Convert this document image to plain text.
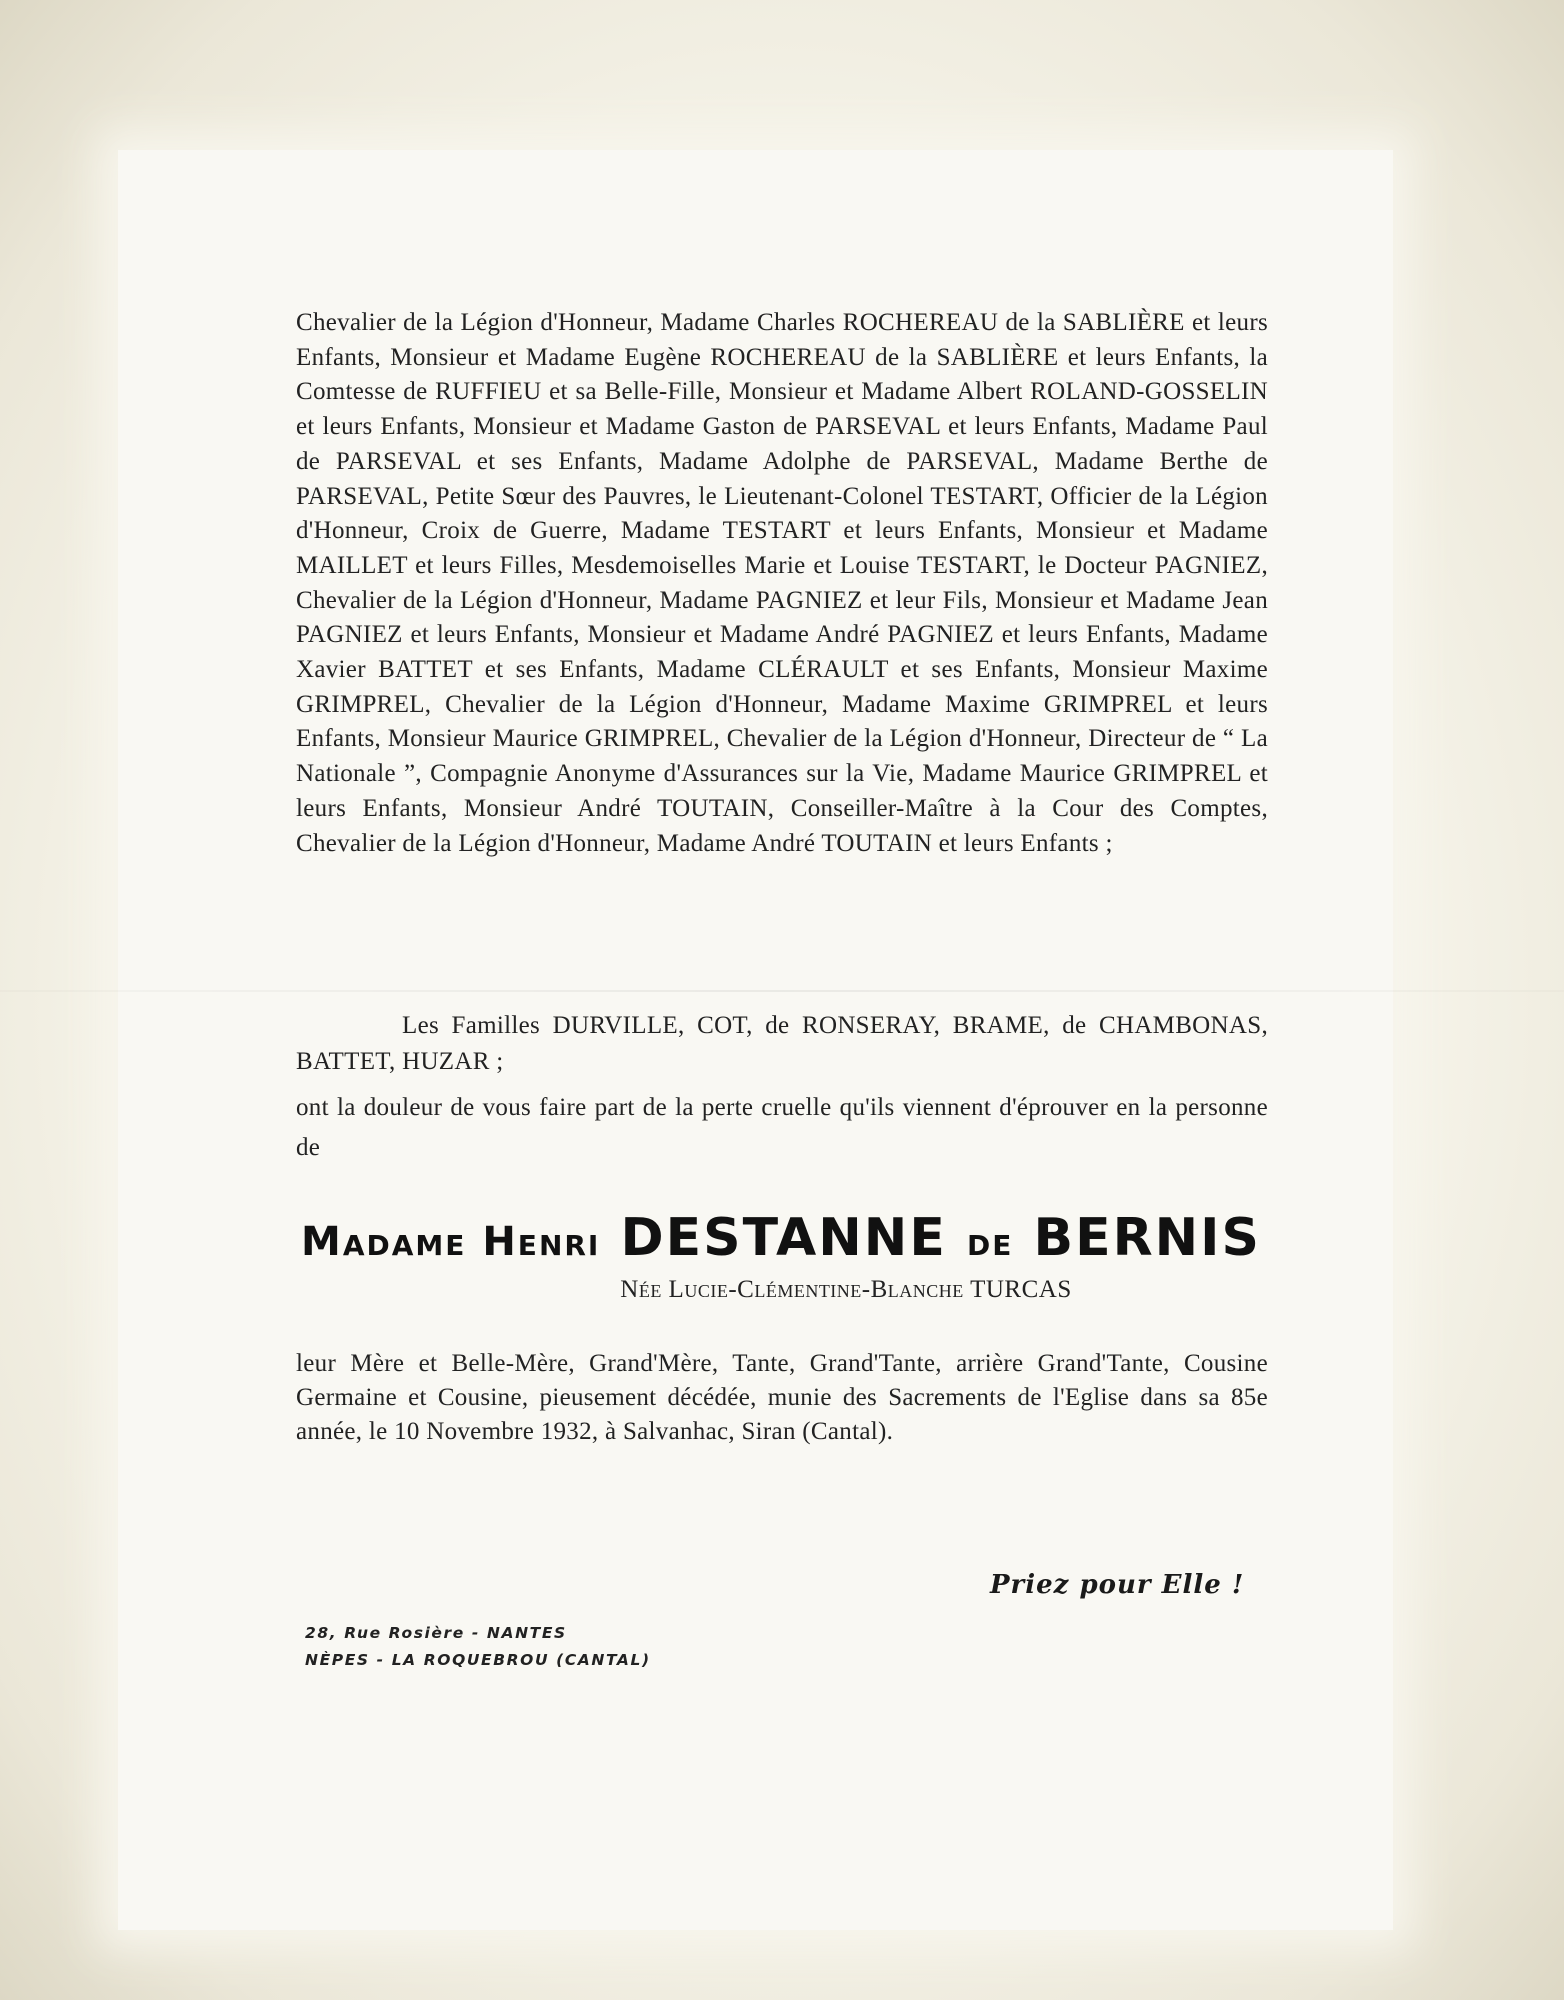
Chevalier de la Légion d'Honneur, Madame Charles ROCHEREAU de la SABLIÈRE et leurs Enfants, Monsieur et Madame Eugène ROCHEREAU de la SABLIÈRE et leurs Enfants, la Comtesse de RUFFIEU et sa Belle-Fille, Monsieur et Madame Albert ROLAND-GOSSELIN et leurs Enfants, Monsieur et Madame Gaston de PARSEVAL et leurs Enfants, Madame Paul de PARSEVAL et ses Enfants, Madame Adolphe de PARSEVAL, Madame Berthe de PARSEVAL, Petite Sœur des Pauvres, le Lieutenant-Colonel TESTART, Officier de la Légion d'Honneur, Croix de Guerre, Madame TESTART et leurs Enfants, Monsieur et Madame MAILLET et leurs Filles, Mesdemoiselles Marie et Louise TESTART, le Docteur PAGNIEZ, Chevalier de la Légion d'Honneur, Madame PAGNIEZ et leur Fils, Monsieur et Madame Jean PAGNIEZ et leurs Enfants, Monsieur et Madame André PAGNIEZ et leurs Enfants, Madame Xavier BATTET et ses Enfants, Madame CLÉRAULT et ses Enfants, Monsieur Maxime GRIMPREL, Chevalier de la Légion d'Honneur, Madame Maxime GRIMPREL et leurs Enfants, Monsieur Maurice GRIMPREL, Chevalier de la Légion d'Honneur, Directeur de “ La Nationale ”, Compagnie Anonyme d'Assurances sur la Vie, Madame Maurice GRIMPREL et leurs Enfants, Monsieur André TOUTAIN, Conseiller-Maître à la Cour des Comptes, Chevalier de la Légion d'Honneur, Madame André TOUTAIN et leurs Enfants ;
Les Familles DURVILLE, COT, de RONSERAY, BRAME, de CHAMBONAS, BATTET, HUZAR ;
ont la douleur de vous faire part de la perte cruelle qu'ils viennent d'éprouver en la personne de
Madame Henri DESTANNE de BERNIS
Née Lucie-Clémentine-Blanche TURCAS
leur Mère et Belle-Mère, Grand'Mère, Tante, Grand'Tante, arrière Grand'Tante, Cousine Germaine et Cousine, pieusement décédée, munie des Sacrements de l'Eglise dans sa 85e année, le 10 Novembre 1932, à Salvanhac, Siran (Cantal).
Priez pour Elle !
28, Rue Rosière - NANTES
NÈPES - LA ROQUEBROU (CANTAL)
